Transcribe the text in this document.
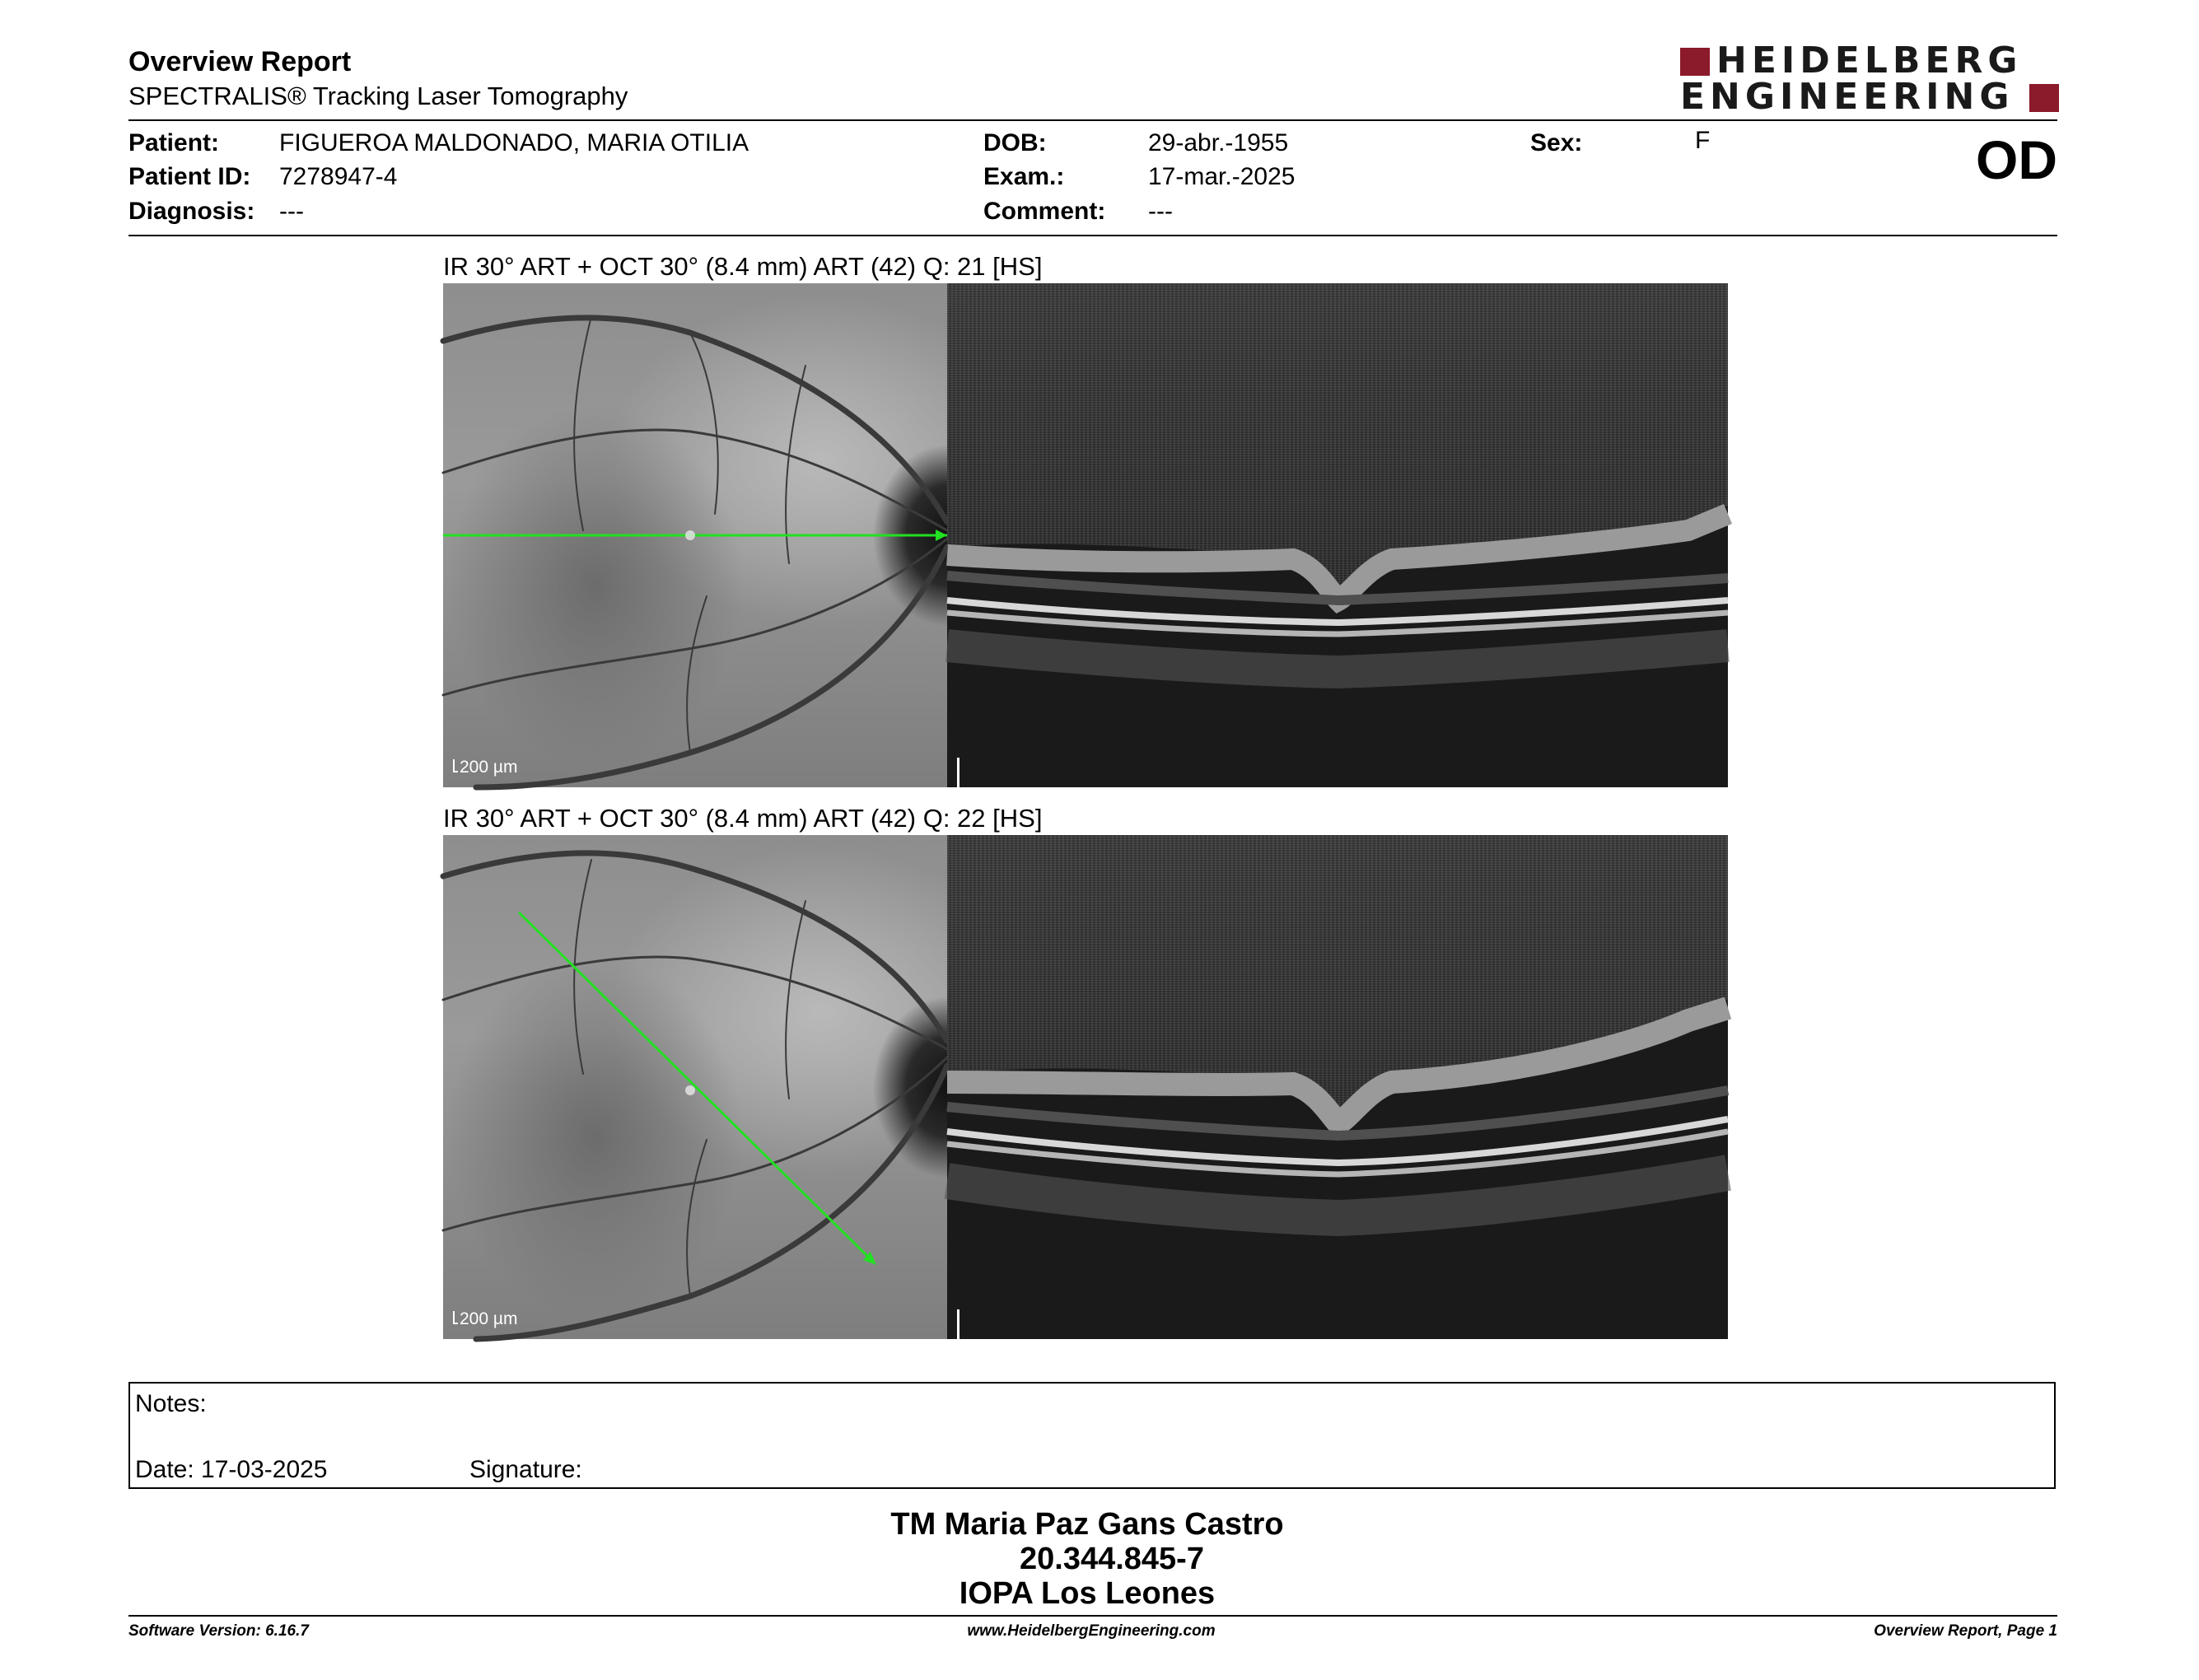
Overview Report
SPECTRALIS® Tracking Laser Tomography
HEIDELBERG
ENGINEERING
Patient: FIGUEROA MALDONADO, MARIA OTILIA
Patient ID: 7278947-4
Diagnosis: ---
DOB:	29-abr.-1955
Exam.:	17-mar.-2025
Comment: ---
Sex:	F	OD
IR 30° ART + OCT 30° (8.4 mm) ART (42) Q: 21 [HS]
200 µm
200 µm
IR 30° ART + OCT 30° (8.4 mm) ART (42) Q: 22 [HS]
200 µm
200 µm
Notes:
Date: 17-03-2025	Signature:
TM Maria Paz Gans Castro
20.344.845-7
IOPA Los Leones
Software Version: 6.16.7	www.HeidelbergEngineering.com	Overview Report, Page 1
